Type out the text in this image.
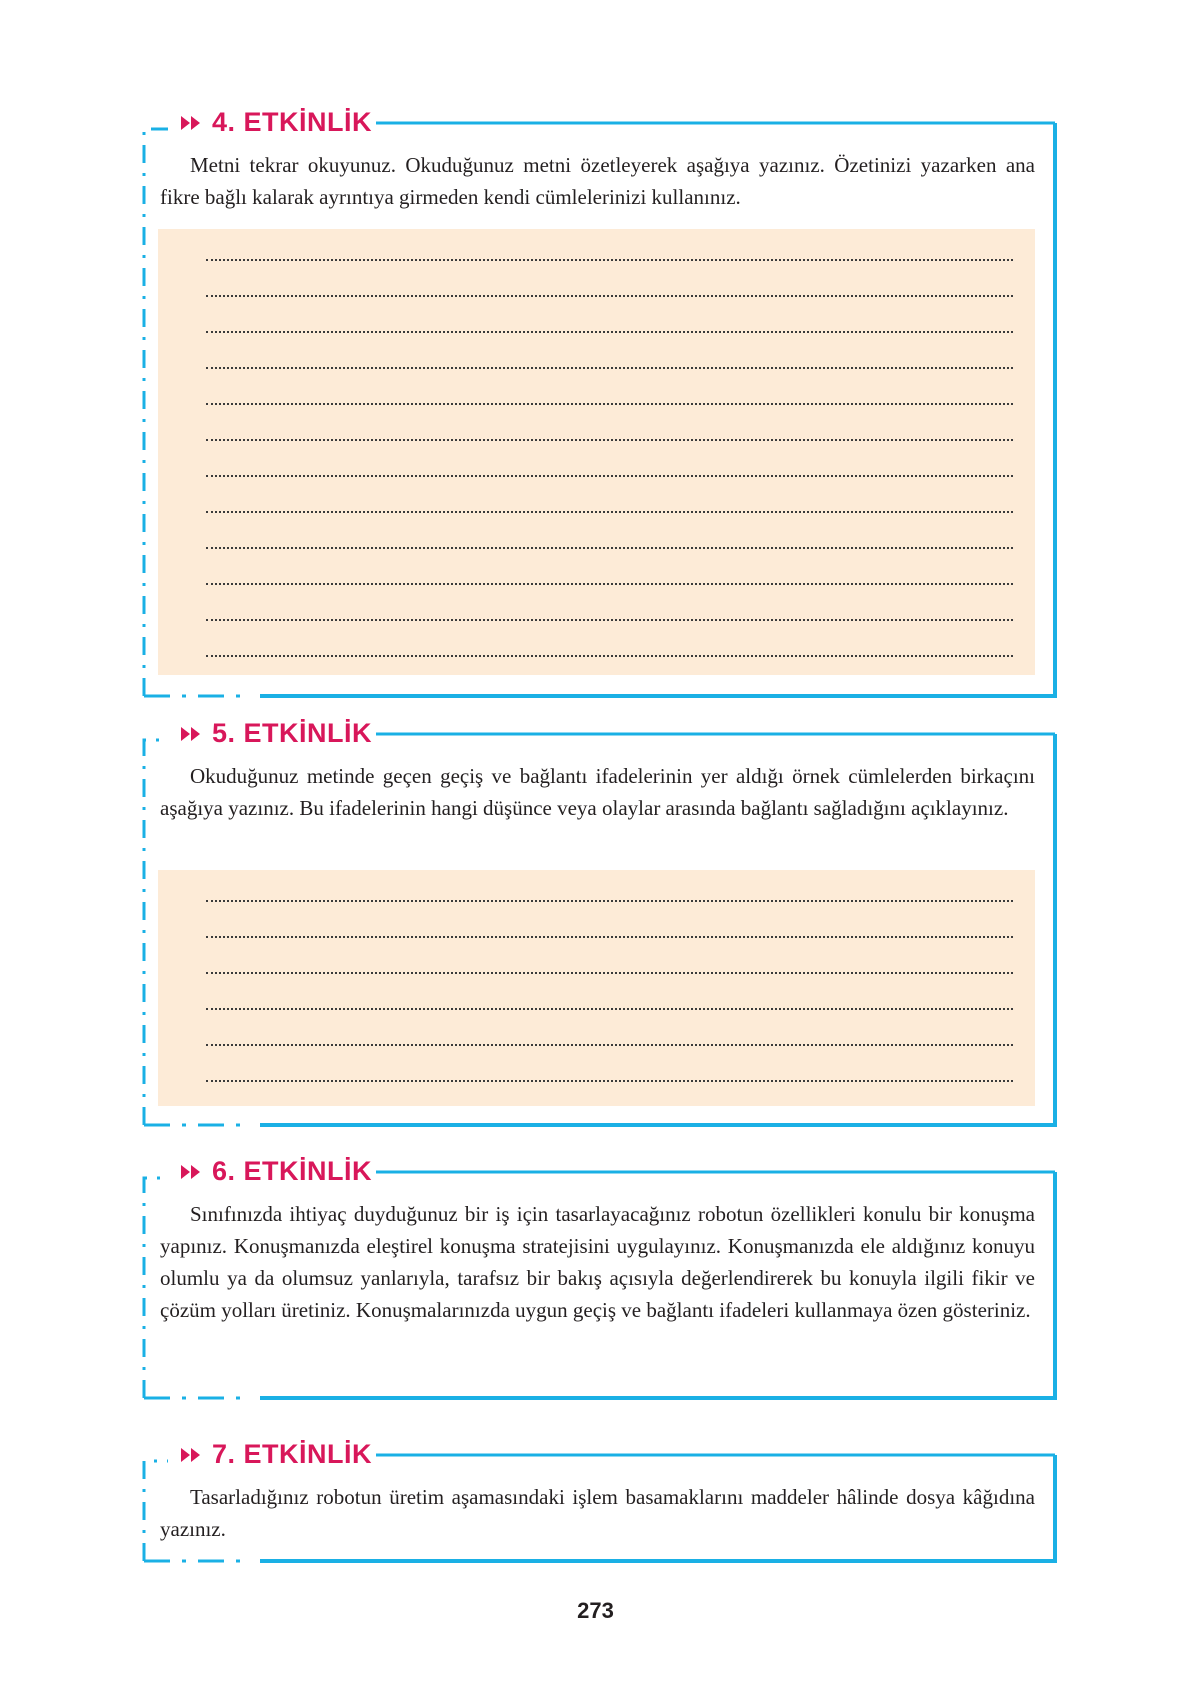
4. ETKİNLİK

Metni tekrar okuyunuz. Okuduğunuz metni özetleyerek aşağıya yazınız. Özetinizi yazarken ana fikre bağlı kalarak ayrıntıya girmeden kendi cümlelerinizi kullanınız.

5. ETKİNLİK

Okuduğunuz metinde geçen geçiş ve bağlantı ifadelerinin yer aldığı örnek cümlelerden birkaçını aşağıya yazınız. Bu ifadelerinin hangi düşünce veya olaylar arasında bağlantı sağladığını açıklayınız.

6. ETKİNLİK

Sınıfınızda ihtiyaç duyduğunuz bir iş için tasarlayacağınız robotun özellikleri konulu bir konuşma yapınız. Konuşmanızda eleştirel konuşma stratejisini uygulayınız. Konuşmanızda ele aldığınız konuyu olumlu ya da olumsuz yanlarıyla, tarafsız bir bakış açısıyla değerlendirerek bu konuyla ilgili fikir ve çözüm yolları üretiniz. Konuşmalarınızda uygun geçiş ve bağlantı ifadeleri kullanmaya özen gösteriniz.

7. ETKİNLİK

Tasarladığınız robotun üretim aşamasındaki işlem basamaklarını maddeler hâlinde dosya kâğıdına yazınız.

273
